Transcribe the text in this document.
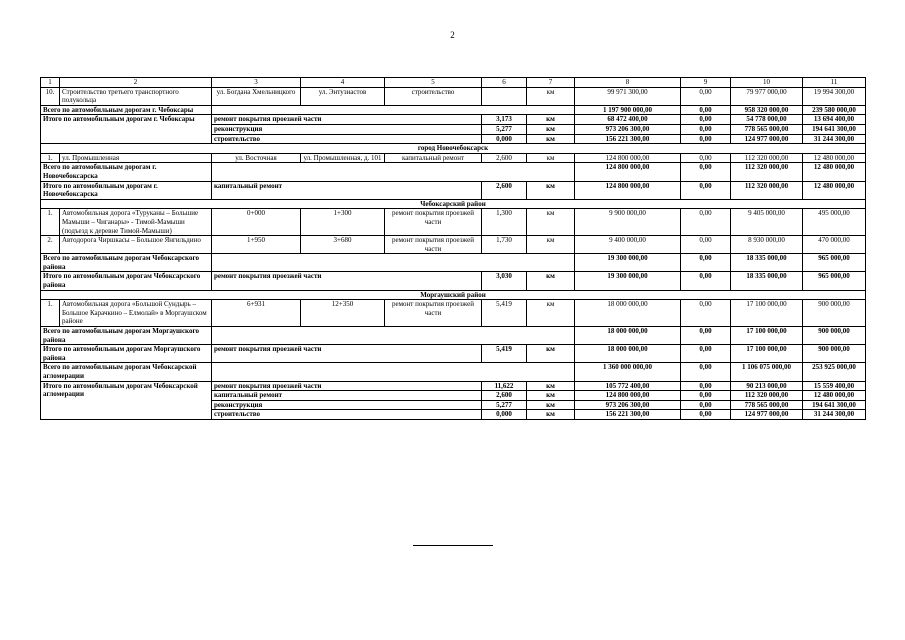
2
1	2	3	4	5	6	7	8	9	10	11
10.	Строительство третьего транспортного полукольца	ул. Богдана Хмельницкого	ул. Энтузиастов	строительство		км	99 971 300,00	0,00	79 977 000,00	19 994 300,00
Всего по автомобильным дорогам г. Чебоксары							1 197 900 000,00	0,00	958 320 000,00	239 580 000,00
Итого по автомобильным дорогам г. Чебоксары		ремонт покрытия проезжей части			3,173	км	68 472 400,00	0,00	54 778 000,00	13 694 400,00
		реконструкция			5,277	км	973 206 300,00	0,00	778 565 000,00	194 641 300,00
		строительство			0,000	км	156 221 300,00	0,00	124 977 000,00	31 244 300,00
город Новочебоксарск										
1.	ул. Промышленная	ул. Восточная	ул. Промышленная, д. 101	капитальный ремонт	2,600	км	124 800 000,00	0,00	112 320 000,00	12 480 000,00
Всего по автомобильным дорогам г. Новочебоксарска							124 800 000,00	0,00	112 320 000,00	12 480 000,00
Итого по автомобильным дорогам г. Новочебоксарска		капитальный ремонт			2,600	км	124 800 000,00	0,00	112 320 000,00	12 480 000,00
Чебоксарский район										
1.	Автомобильная дорога «Туруканы – Большие Мамыши – Чиганары» - Тимой-Мамыши (подъезд к деревне Тимой-Мамыши)	0+000	1+300	ремонт покрытия проезжей части	1,300	км	9 900 000,00	0,00	9 405 000,00	495 000,00
2.	Автодорога Чиршкасы – Большое Янгильдино	1+950	3+680	ремонт покрытия проезжей части	1,730	км	9 400 000,00	0,00	8 930 000,00	470 000,00
Всего по автомобильным дорогам Чебоксарского района							19 300 000,00	0,00	18 335 000,00	965 000,00
Итого по автомобильным дорогам Чебоксарского района		ремонт покрытия проезжей части			3,030	км	19 300 000,00	0,00	18 335 000,00	965 000,00
Моргаушский район										
1.	Автомобильная дорога «Большой Сундырь – Большое Карачкино – Елмолай» в Моргаушском районе	6+931	12+350	ремонт покрытия проезжей части	5,419	км	18 000 000,00	0,00	17 100 000,00	900 000,00
Всего по автомобильным дорогам Моргаушского района							18 000 000,00	0,00	17 100 000,00	900 000,00
Итого по автомобильным дорогам Моргаушского района		ремонт покрытия проезжей части			5,419	км	18 000 000,00	0,00	17 100 000,00	900 000,00
Всего по автомобильным дорогам Чебоксарской агломерации							1 360 000 000,00	0,00	1 106 075 000,00	253 925 000,00
Итого по автомобильным дорогам Чебоксарской агломерации		ремонт покрытия проезжей части			11,622	км	105 772 400,00	0,00	90 213 000,00	15 559 400,00
		капитальный ремонт			2,600	км	124 800 000,00	0,00	112 320 000,00	12 480 000,00
		реконструкция			5,277	км	973 206 300,00	0,00	778 565 000,00	194 641 300,00
		строительство			0,000	км	156 221 300,00	0,00	124 977 000,00	31 244 300,00
